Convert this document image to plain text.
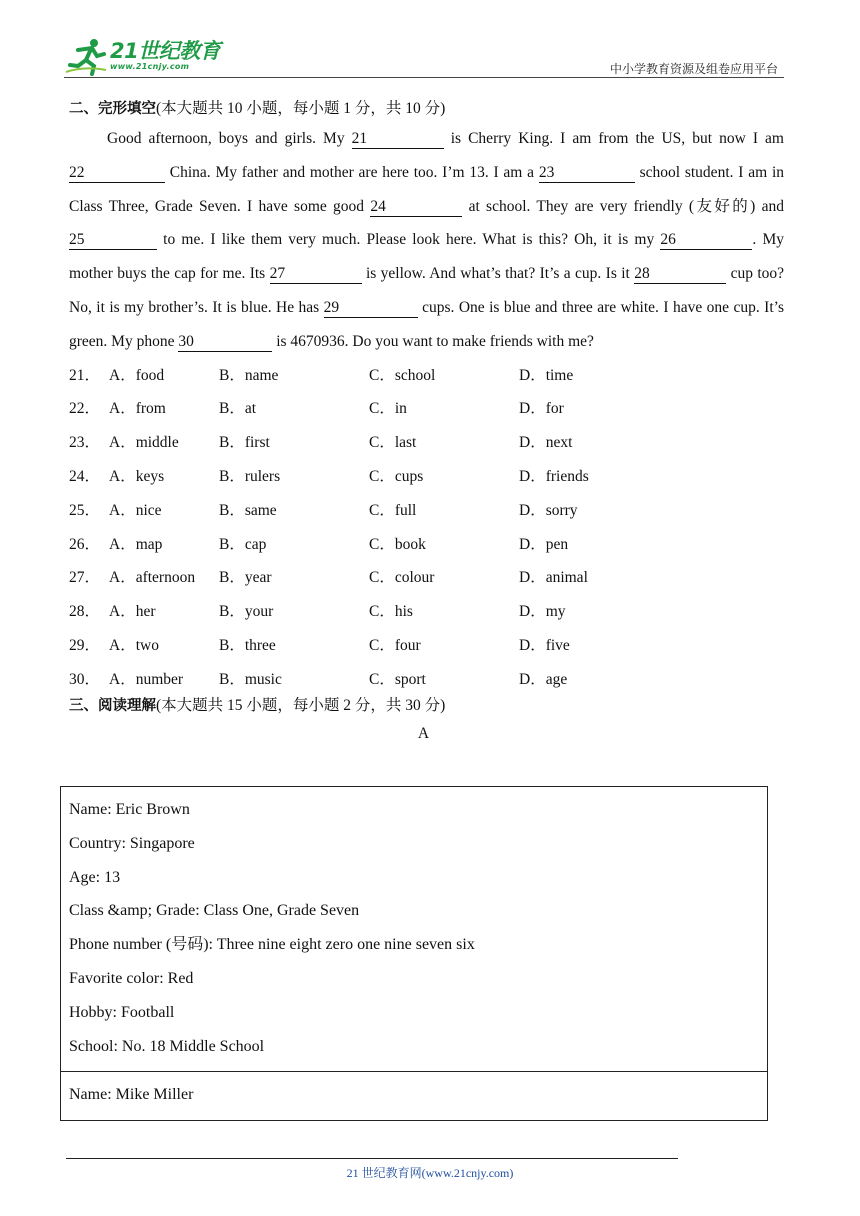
21世纪教育
www.21cnjy.com	中小学教育资源及组卷应用平台
二、完形填空(本大题共 10 小题，每小题 1 分，共 10 分)

Good afternoon, boys and girls. My 21	is Cherry King. I am from the US, but now I am 22	China. My father and mother are here too. I’m 13. I am a 23	school student. I am in Class Three, Grade Seven. I have some good 24	at school. They are very friendly (友好的) and 25	to me. I like them very much. Please look here. What is this? Oh, it is my 26	. My mother buys the cap for me. Its 27	is yellow. And what’s that? It’s a cup. Is it 28	cup too? No, it is my brother’s. It is blue. He has 29	cups. One is blue and three are white. I have one cup. It’s green. My phone 30	is 4670936. Do you want to make friends with me?

21． A．food	B．name	C．school	D．time
22． A．from	B．at	C．in	D．for
23． A．middle	B．first	C．last	D．next
24． A．keys	B．rulers	C．cups	D．friends
25． A．nice	B．same	C．full	D．sorry
26． A．map	B．cap	C．book	D．pen
27． A．afternoon B．year	C．colour	D．animal
28． A．her	B．your	C．his	D．my
29． A．two	B．three	C．four	D．five
30． A．number B．music	C．sport	D．age
三、阅读理解(本大题共 15 小题，每小题 2 分，共 30 分)
A
Name: Eric Brown
Country: Singapore
Age: 13
Class &amp; Grade: Class One, Grade Seven
Phone number (号码): Three nine eight zero one nine seven six
Favorite color: Red
Hobby: Football
School: No. 18 Middle School
Name: Mike Miller
21 世纪教育网(www.21cnjy.com)
